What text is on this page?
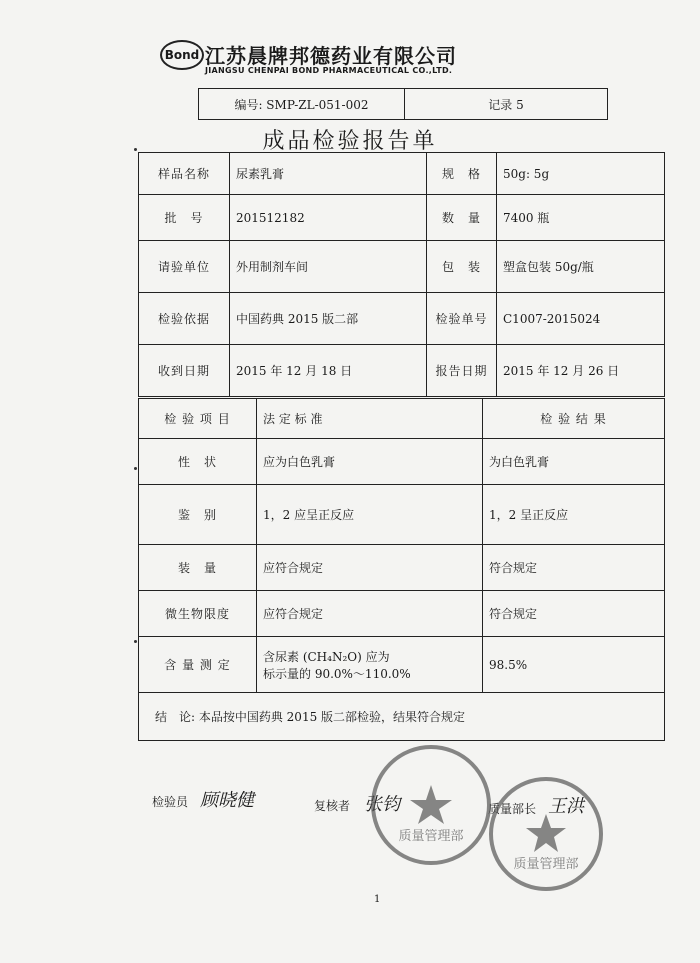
Bond 江苏晨牌邦德药业有限公司
JIANGSU CHENPAI BOND PHARMACEUTICAL CO.,LTD.
编号: SMP-ZL-051-002	记录 5
成品检验报告单
样品名称	尿素乳膏	规　格	50g: 5g
批　号	201512182	数　量	7400 瓶
请验单位	外用制剂车间	包　装	塑盒包装 50g/瓶
检验依据	中国药典 2015 版二部	检验单号	C1007-2015024
收到日期	2015 年 12 月 18 日	报告日期	2015 年 12 月 26 日
检 验 项 目	法 定 标 准	检 验 结 果
性　状	应为白色乳膏	为白色乳膏
鉴　别	1，2 应呈正反应	1，2 呈正反应
装　量	应符合规定	符合规定
微生物限度	应符合规定	符合规定
含 量 测 定	含尿素 (CH₄N₂O) 应为
标示量的 90.0%～110.0%	98.5%
结　论: 本品按中国药典 2015 版二部检验，结果符合规定		
检验员 顾晓健	复核者 张钧	质量部长 王洪
质量管理部
质量管理部
1
